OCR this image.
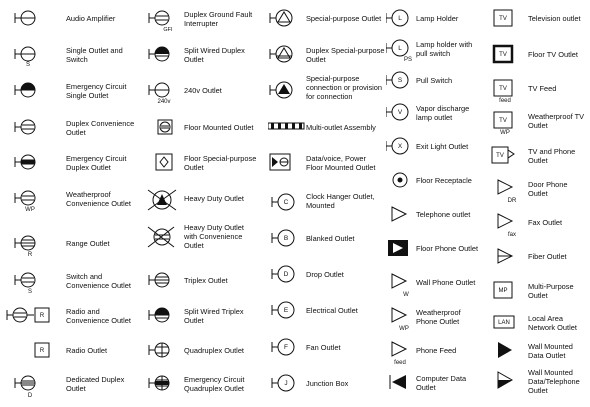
Audio Amplifier
S
Single Outlet and
Switch
Emergency Circuit
Single Outlet
Duplex Convenience
Outlet
Emergency Circuit
Duplex Outlet
WP
Weatherproof
Convenience Outlet
R
Range Outlet
S
Switch and
Convenience Outlet
R
Radio and
Convenience Outlet
R	Radio Outlet
D
Dedicated Duplex
Outlet
GFI
Duplex Ground Fault
Interrupter
Split Wired Duplex
Outlet
240v
240v Outlet
Floor Mounted Outlet
Floor Special-purpose
Outlet
Heavy Duty Outlet
Heavy Duty Outlet
with Convenience
Outlet
Triplex Outlet
Split Wired Triplex
Outlet
Quadruplex Outlet
Emergency Circuit
Quadruplex Outlet
Special-purpose Outlet
Duplex Special-purpose
Outlet
Special-purpose
connection or provision
for connection
Multi-outlet Assembly
Data/voice, Power
Floor Mounted Outlet
C
Clock Hanger Outlet,
Mounted
B Blanked Outlet
D Drop Outlet
E Electrical Outlet
F Fan Outlet
J Junction Box
L Lamp Holder
L
PS
Lamp holder with
pull switch
S Pull Switch
V Vapor discharge
lamp outlet
X Exit Light Outlet
Floor Receptacle
Telephone outlet
Floor Phone Outlet
W
Wall Phone Outlet
WP
Weatherproof
Phone Outlet
feed
Phone Feed
Computer Data
Outlet
TV	Television outlet
TV	Floor TV Outlet
TV
feed
TV Feed
TV
WP
Weatherproof TV
Outlet
TV
TV and Phone
Outlet
DR
Door Phone
Outlet
fax
Fax Outlet
Fiber Outlet
MP
Multi-Purpose
Outlet
LAN
Local Area
Network Outlet
Wall Mounted
Data Outlet
Wall Mounted
Data/Telephone
Outlet
